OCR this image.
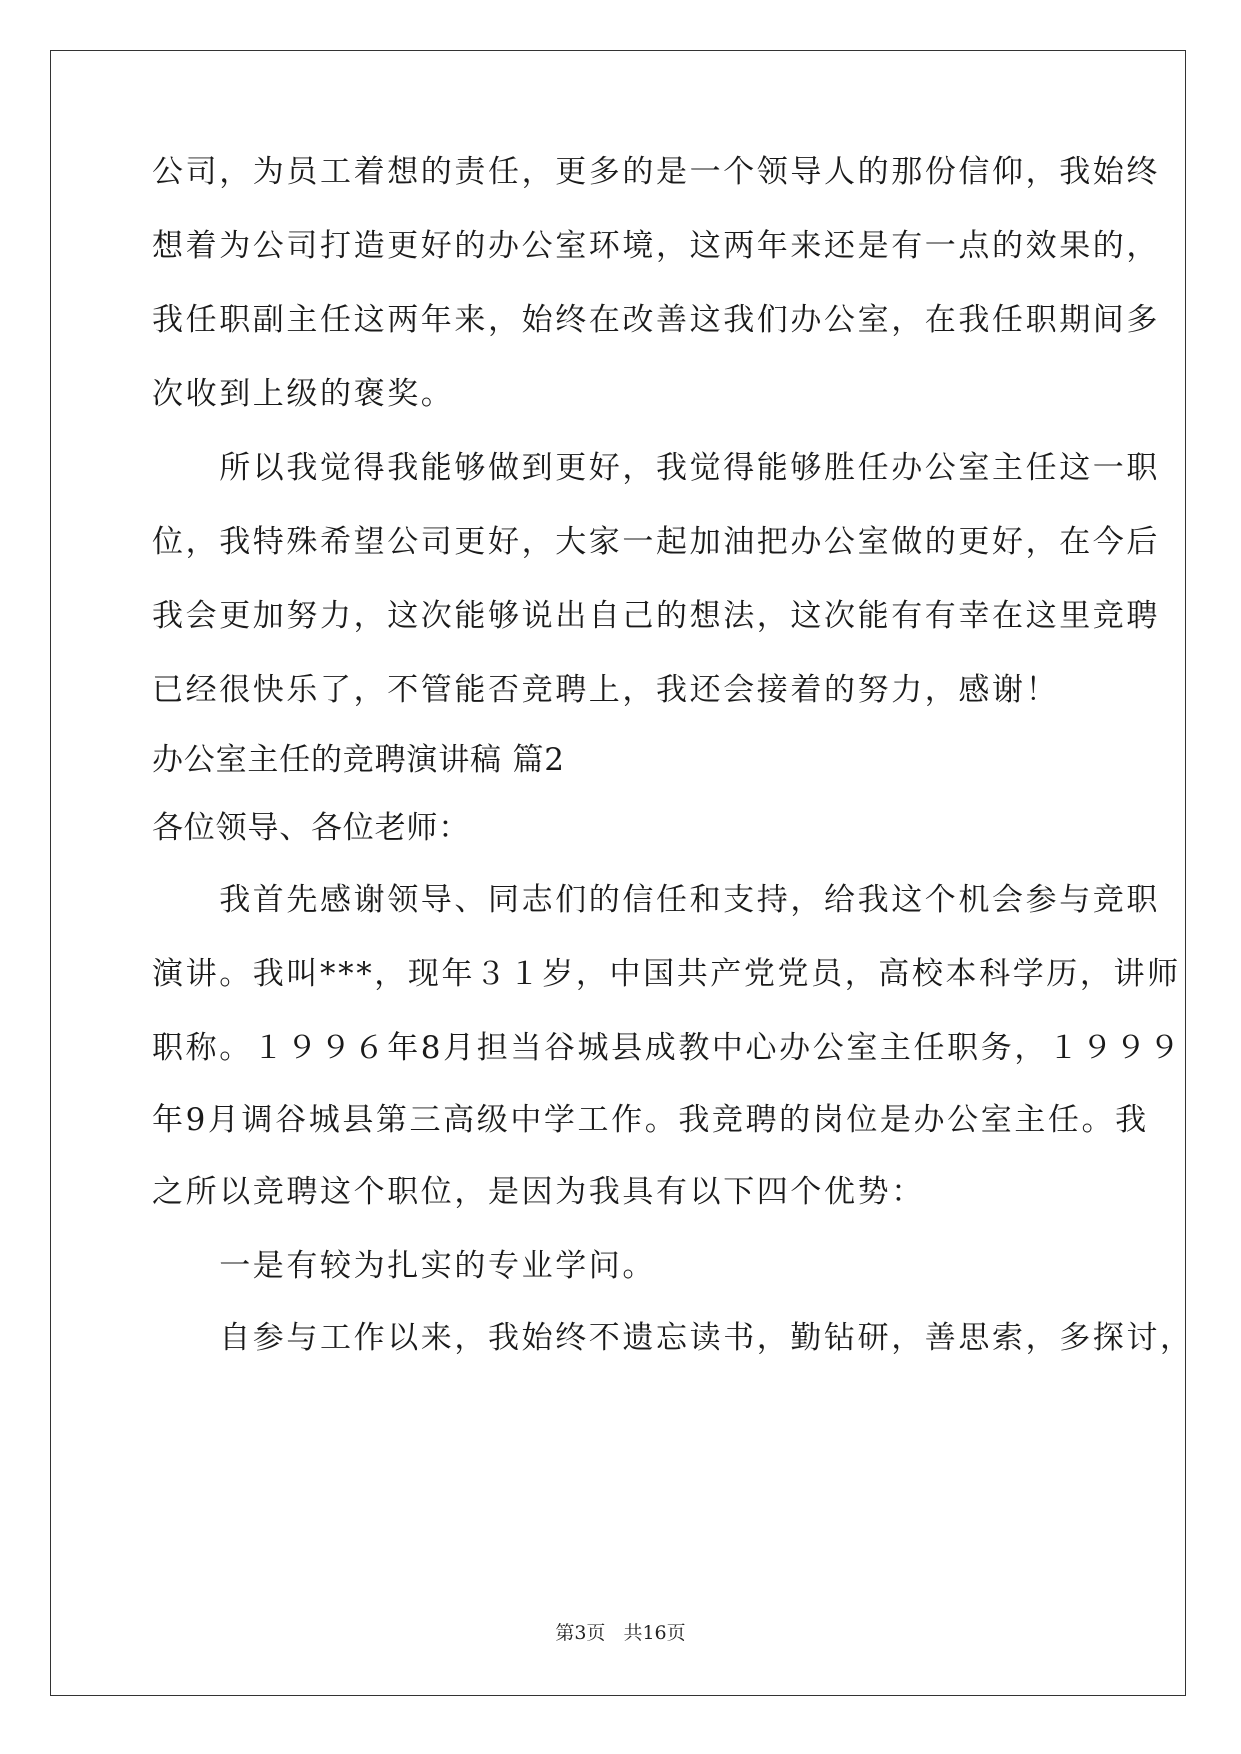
公司，为员工着想的责任，更多的是一个领导人的那份信仰，我始终
想着为公司打造更好的办公室环境，这两年来还是有一点的效果的，
我任职副主任这两年来，始终在改善这我们办公室，在我任职期间多
次收到上级的褒奖。
　　所以我觉得我能够做到更好，我觉得能够胜任办公室主任这一职
位，我特殊希望公司更好，大家一起加油把办公室做的更好，在今后
我会更加努力，这次能够说出自己的想法，这次能有有幸在这里竞聘
已经很快乐了，不管能否竞聘上，我还会接着的努力，感谢！
办公室主任的竞聘演讲稿 篇2
各位领导、各位老师：
　　我首先感谢领导、同志们的信任和支持，给我这个机会参与竞职
演讲。我叫***，现年３１岁，中国共产党党员，高校本科学历，讲师
职称。１９９６年8月担当谷城县成教中心办公室主任职务，１９９９
年9月调谷城县第三高级中学工作。我竞聘的岗位是办公室主任。我
之所以竞聘这个职位，是因为我具有以下四个优势：
　　一是有较为扎实的专业学问。
　　自参与工作以来，我始终不遗忘读书，勤钻研，善思索，多探讨，
第3页 共16页
